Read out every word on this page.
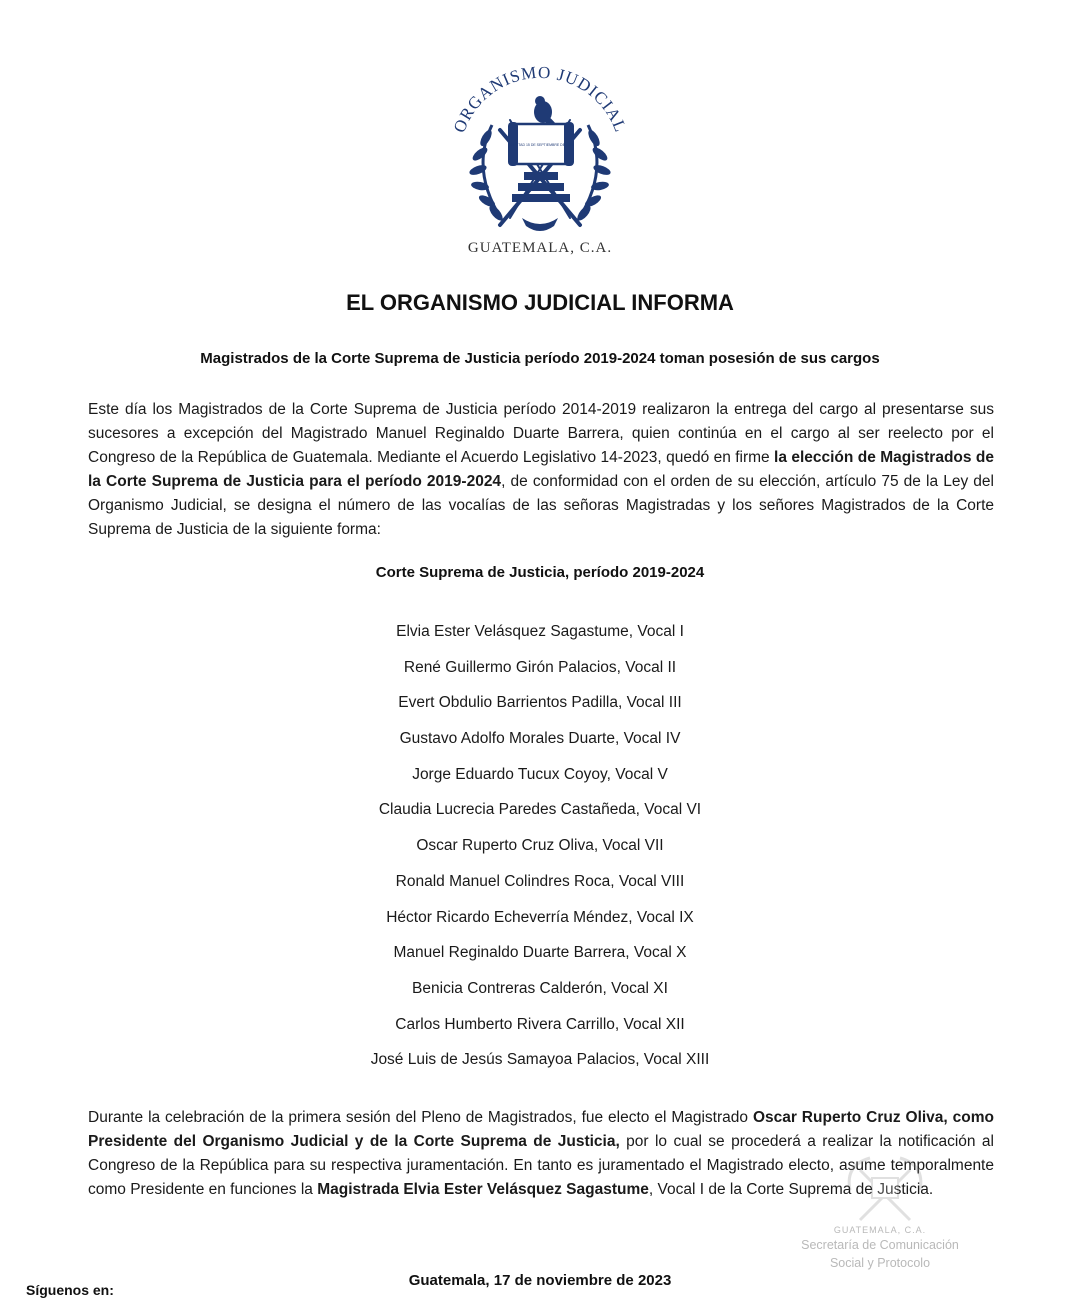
ORGANISMO JUDICIAL
LIBERTAD 15 DE SEPTIEMBRE DE 1821
GUATEMALA, C.A.
EL ORGANISMO JUDICIAL INFORMA
Magistrados de la Corte Suprema de Justicia período 2019-2024 toman posesión de sus cargos
Este día los Magistrados de la Corte Suprema de Justicia período 2014-2019 realizaron la entrega del cargo al presentarse sus sucesores a excepción del Magistrado Manuel Reginaldo Duarte Barrera, quien continúa en el cargo al ser reelecto por el Congreso de la República de Guatemala. Mediante el Acuerdo Legislativo 14-2023, quedó en firme la elección de Magistrados de la Corte Suprema de Justicia para el período 2019-2024, de conformidad con el orden de su elección, artículo 75 de la Ley del Organismo Judicial, se designa el número de las vocalías de las señoras Magistradas y los señores Magistrados de la Corte Suprema de Justicia de la siguiente forma:
Corte Suprema de Justicia, período 2019-2024
Elvia Ester Velásquez Sagastume, Vocal I
René Guillermo Girón Palacios, Vocal II
Evert Obdulio Barrientos Padilla, Vocal III
Gustavo Adolfo Morales Duarte, Vocal IV
Jorge Eduardo Tucux Coyoy, Vocal V
Claudia Lucrecia Paredes Castañeda, Vocal VI
Oscar Ruperto Cruz Oliva, Vocal VII
Ronald Manuel Colindres Roca, Vocal VIII
Héctor Ricardo Echeverría Méndez, Vocal IX
Manuel Reginaldo Duarte Barrera, Vocal X
Benicia Contreras Calderón, Vocal XI
Carlos Humberto Rivera Carrillo, Vocal XII
José Luis de Jesús Samayoa Palacios, Vocal XIII
Durante la celebración de la primera sesión del Pleno de Magistrados, fue electo el Magistrado Oscar Ruperto Cruz Oliva, como Presidente del Organismo Judicial y de la Corte Suprema de Justicia, por lo cual se procederá a realizar la notificación al Congreso de la República para su respectiva juramentación. En tanto es juramentado el Magistrado electo, asume temporalmente como Presidente en funciones la Magistrada Elvia Ester Velásquez Sagastume, Vocal I de la Corte Suprema de Justicia.
GUATEMALA, C.A.
Secretaría de Comunicación
Social y Protocolo
Síguenos en:
Guatemala, 17 de noviembre de 2023
